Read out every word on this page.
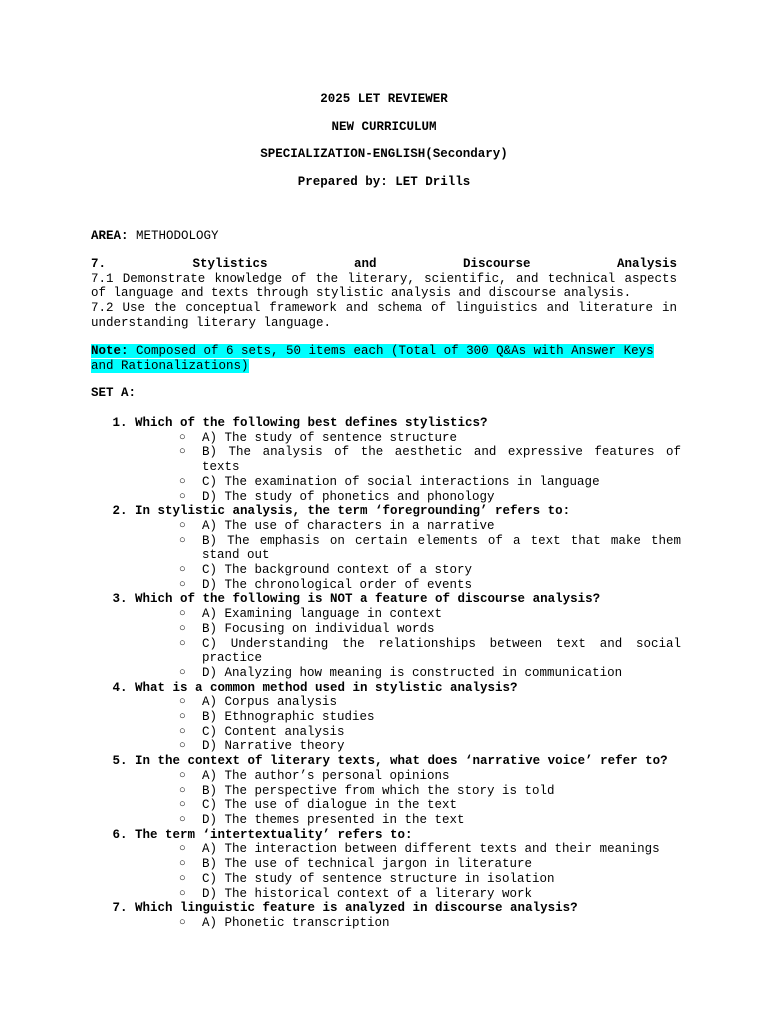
2025 LET REVIEWER
NEW CURRICULUM
SPECIALIZATION-ENGLISH(Secondary)
Prepared by: LET Drills
AREA: METHODOLOGY
7.	Stylistics	and	Discourse	Analysis
7.1 Demonstrate knowledge of the literary, scientific, and technical aspects of language and texts through stylistic analysis and discourse analysis.
7.2 Use the conceptual framework and schema of linguistics and literature in understanding literary language.
Note: Composed of 6 sets, 50 items each (Total of 300 Q&As with Answer Keys and Rationalizations)
SET A:
1. Which of the following best defines stylistics?
○ A) The study of sentence structure
○ B) The analysis of the aesthetic and expressive features of texts
○ C) The examination of social interactions in language
○ D) The study of phonetics and phonology
2. In stylistic analysis, the term ‘foregrounding’ refers to:
○ A) The use of characters in a narrative
○ B) The emphasis on certain elements of a text that make them stand out
○ C) The background context of a story
○ D) The chronological order of events
3. Which of the following is NOT a feature of discourse analysis?
○ A) Examining language in context
○ B) Focusing on individual words
○ C) Understanding the relationships between text and social practice
○ D) Analyzing how meaning is constructed in communication
4. What is a common method used in stylistic analysis?
○ A) Corpus analysis
○ B) Ethnographic studies
○ C) Content analysis
○ D) Narrative theory
5. In the context of literary texts, what does ‘narrative voice’ refer to?
○ A) The author’s personal opinions
○ B) The perspective from which the story is told
○ C) The use of dialogue in the text
○ D) The themes presented in the text
6. The term ‘intertextuality’ refers to:
○ A) The interaction between different texts and their meanings
○ B) The use of technical jargon in literature
○ C) The study of sentence structure in isolation
○ D) The historical context of a literary work
7. Which linguistic feature is analyzed in discourse analysis?
○ A) Phonetic transcription
